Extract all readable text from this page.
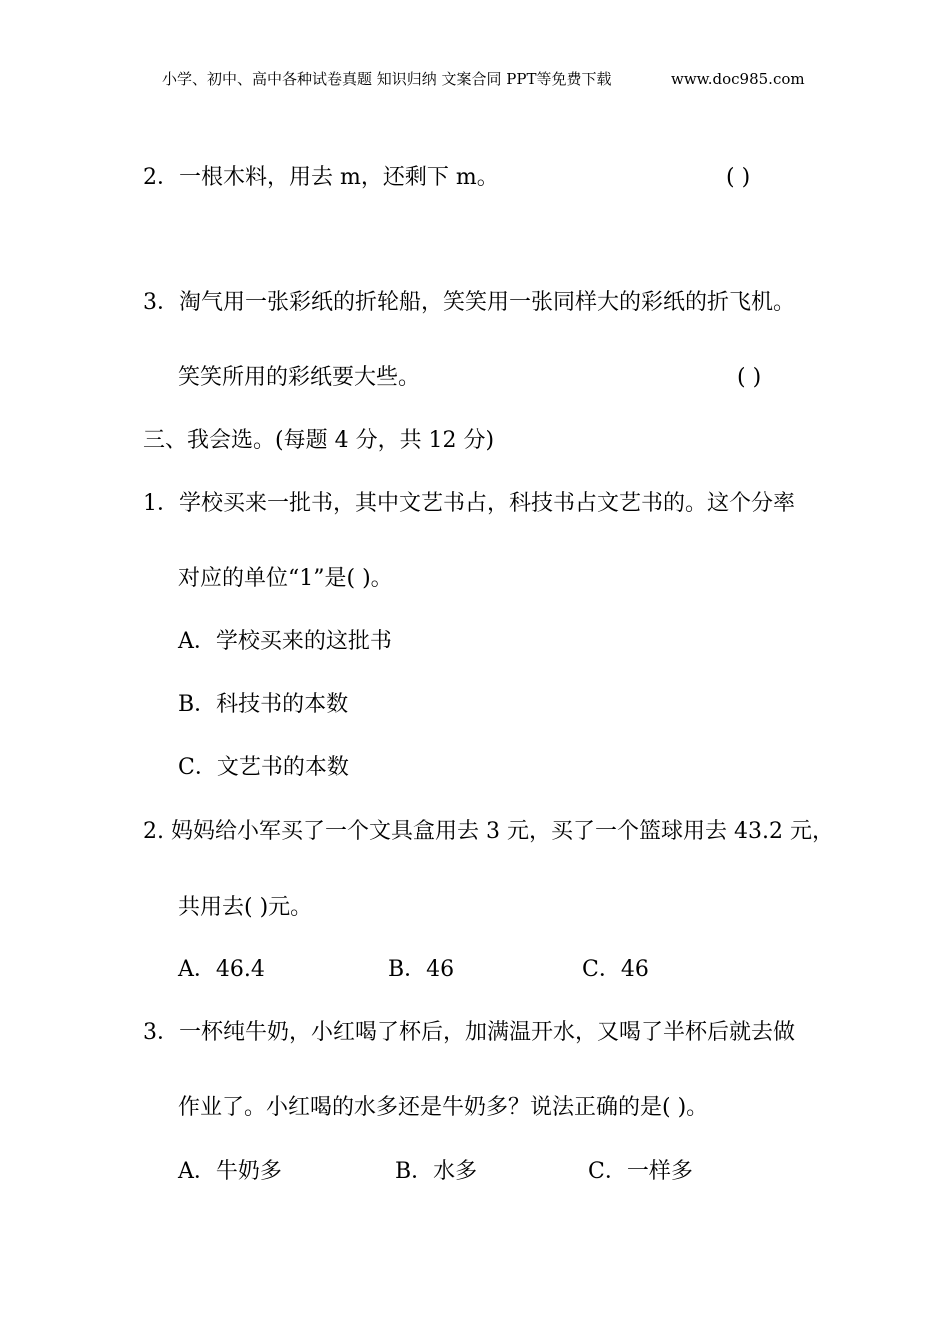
小学、初中、高中各种试卷真题 知识归纳 文案合同 PPT等免费下载	www.doc985.com
2．一根木料，用去 m，还剩下 m。	( )
3．淘气用一张彩纸的折轮船，笑笑用一张同样大的彩纸的折飞机。
笑笑所用的彩纸要大些。	( )
三、我会选。(每题 4 分，共 12 分)
1．学校买来一批书，其中文艺书占，科技书占文艺书的。这个分率
对应的单位“1”是( )。
A．学校买来的这批书
B．科技书的本数
C．文艺书的本数
2. 妈妈给小军买了一个文具盒用去 3 元，买了一个篮球用去 43.2 元，
共用去( )元。
A．46.4	B．46	C．46
3．一杯纯牛奶，小红喝了杯后，加满温开水，又喝了半杯后就去做
作业了。小红喝的水多还是牛奶多？说法正确的是( )。
A．牛奶多	B．水多	C．一样多
